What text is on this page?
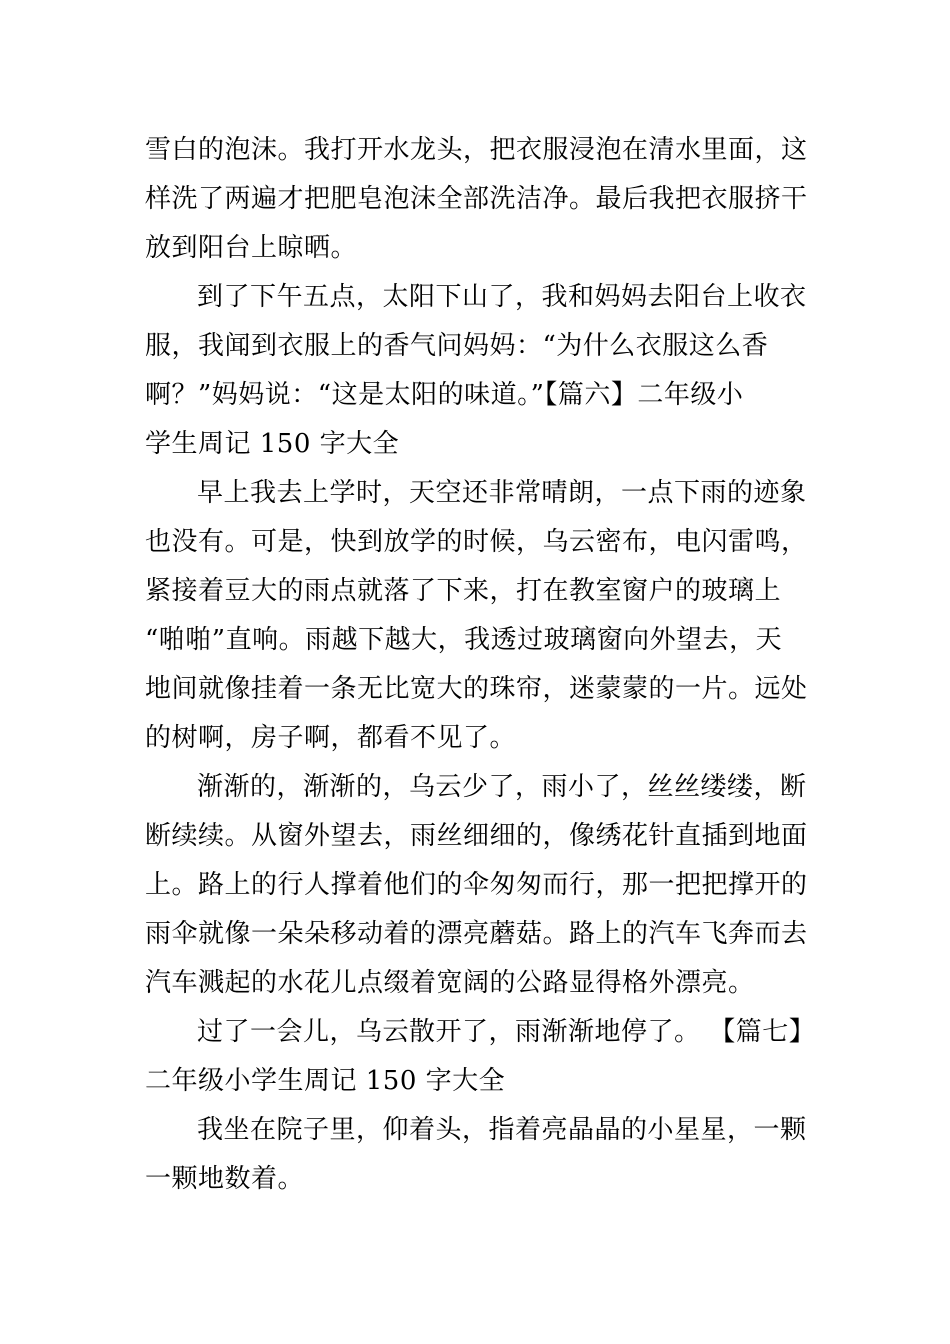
雪白的泡沫。我打开水龙头，把衣服浸泡在清水里面，这
样洗了两遍才把肥皂泡沫全部洗洁净。最后我把衣服挤干
放到阳台上晾晒。
到了下午五点，太阳下山了，我和妈妈去阳台上收衣
服，我闻到衣服上的香气问妈妈：“为什么衣服这么香
啊？”妈妈说：“这是太阳的味道。”【篇六】二年级小
学生周记 150 字大全
早上我去上学时，天空还非常晴朗，一点下雨的迹象
也没有。可是，快到放学的时候，乌云密布，电闪雷鸣，
紧接着豆大的雨点就落了下来，打在教室窗户的玻璃上
“啪啪”直响。雨越下越大，我透过玻璃窗向外望去，天
地间就像挂着一条无比宽大的珠帘，迷蒙蒙的一片。远处
的树啊，房子啊，都看不见了。
渐渐的，渐渐的，乌云少了，雨小了，丝丝缕缕，断
断续续。从窗外望去，雨丝细细的，像绣花针直插到地面
上。路上的行人撑着他们的伞匆匆而行，那一把把撑开的
雨伞就像一朵朵移动着的漂亮蘑菇。路上的汽车飞奔而去
汽车溅起的水花儿点缀着宽阔的公路显得格外漂亮。
过了一会儿，乌云散开了，雨渐渐地停了。 【篇七】
二年级小学生周记 150 字大全
我坐在院子里，仰着头，指着亮晶晶的小星星，一颗
一颗地数着。
